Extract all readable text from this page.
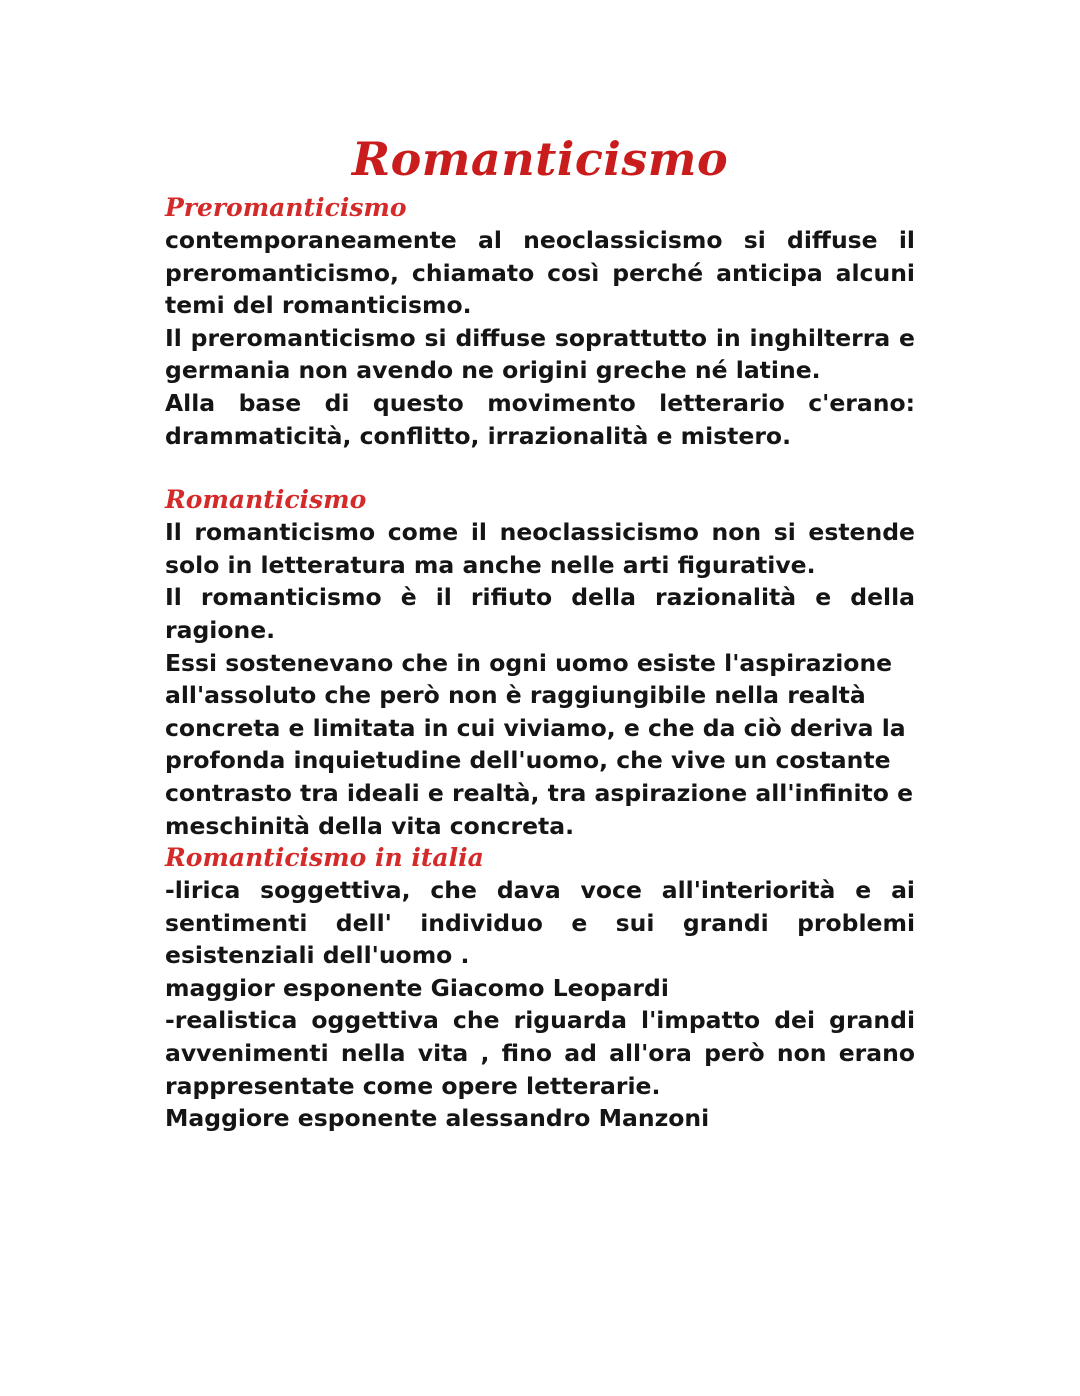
Romanticismo
Preromanticismo

contemporaneamente al neoclassicismo si diffuse il preromanticismo, chiamato così perché anticipa alcuni temi del romanticismo.

Il preromanticismo si diffuse soprattutto in inghilterra e germania non avendo ne origini greche né latine.

Alla base di questo movimento letterario c'erano: drammaticità, conflitto, irrazionalità e mistero.

Romanticismo

Il romanticismo come il neoclassicismo non si estende solo in letteratura ma anche nelle arti figurative.

Il romanticismo è il rifiuto della razionalità e della ragione.

Essi sostenevano che in ogni uomo esiste l'aspirazione all'assoluto che però non è raggiungibile nella realtà concreta e limitata in cui viviamo, e che da ciò deriva la profonda inquietudine dell'uomo, che vive un costante contrasto tra ideali e realtà, tra aspirazione all'infinito e meschinità della vita concreta.

Romanticismo in italia

-lirica soggettiva, che dava voce all'interiorità e ai sentimenti dell' individuo e sui grandi problemi esistenziali dell'uomo .

maggior esponente Giacomo Leopardi

-realistica oggettiva che riguarda l'impatto dei grandi avvenimenti nella vita , fino ad all'ora però non erano rappresentate come opere letterarie.

Maggiore esponente alessandro Manzoni
